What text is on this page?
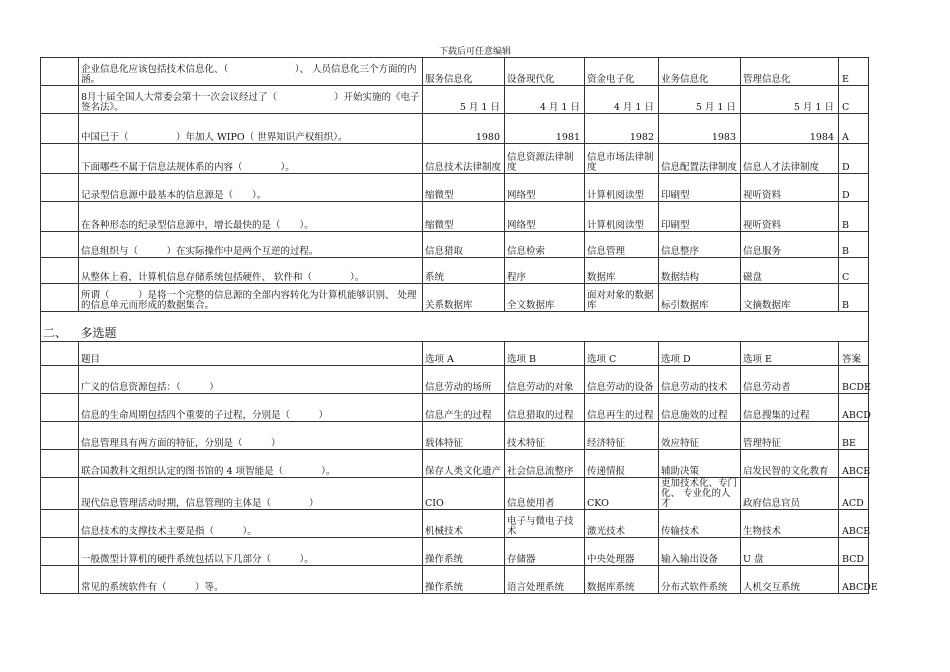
下载后可任意编辑
	企业信息化应该包括技术信息化、（　　　　　　　）、 人员信息化三个方面的内涵。	服务信息化	设备现代化	资金电子化	业务信息化	管理信息化	E
	8月十届全国人大常委会第十一次会议经过了（　　　　　　）开始实施的《电子签名法》。	5 月 1 日	4 月 1 日	4 月 1 日	5 月 1 日	5 月 1 日	C
	中国已于（　　　　　）年加人 WIPO（ 世界知识产权组织）。	1980	1981	1982	1983	1984	A
	下面哪些不属于信息法规体系的内容（　　　　）。	信息技术法律制度	信息资源法律制度	信息市场法律制度	信息配置法律制度	信息人才法律制度	D
	记录型信息源中最基本的信息源是（　　）。	缩微型	网络型	计算机阅读型	印刷型	视听资料	D
	在各种形态的纪录型信息源中，增长最快的是（　　）。	缩微型	网络型	计算机阅读型	印刷型	视听资料	B
	信息组织与（　　　）在实际操作中是两个互逆的过程。	信息猎取	信息检索	信息管理	信息整序	信息服务	B
	从整体上看，计算机信息存储系统包括硬件、 软件和（　　　　）。	系统	程序	数据库	数据结构	磁盘	C
	所谓（　　　）是将一个完整的信息源的全部内容转化为计算机能够识别、 处理的信息单元而形成的数据集合。	关系数据库	全文数据库	面对对象的数据库	标引数据库	文摘数据库	B
二、	多选题						
	题目	选项 A	选项 B	选项 C	选项 D	选项 E	答案
	广义的信息资源包括：（　　　）	信息劳动的场所	信息劳动的对象	信息劳动的设备	信息劳动的技术	信息劳动者	BCDE
	信息的生命周期包括四个重要的子过程，分别是（　　　）	信息产生的过程	信息猎取的过程	信息再生的过程	信息施效的过程	信息搜集的过程	ABCD
	信息管理具有两方面的特征，分别是（　　　）	载体特征	技术特征	经济特征	效应特征	管理特征	BE
	联合国教科文组织认定的图书馆的 4 项智能是（　　　　）。	保存人类文化遗产	社会信息流整序	传递情报	辅助决策	启发民智的文化教育	ABCE
	现代信息管理活动时期，信息管理的主体是（　　　　）	CIO	信息使用者	CKO	更加技术化、专门化、 专业化的人才	政府信息官员	ACD
	信息技术的支撑技术主要是指（　　　）。	机械技术	电子与微电子技术	激光技术	传输技术	生物技术	ABCE
	一般微型计算机的硬件系统包括以下几部分（　　　）。	操作系统	存储器	中央处理器	输入输出设备	U 盘	BCD
	常见的系统软件有（　　　）等。	操作系统	语言处理系统	数据库系统	分布式软件系统	人机交互系统	ABCDE
